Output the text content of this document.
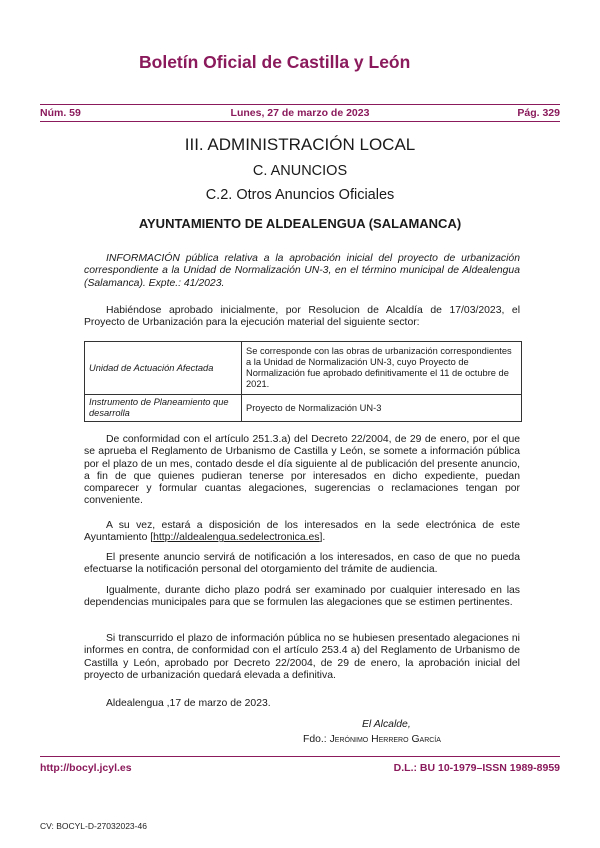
Boletín Oficial de Castilla y León
Núm. 59	Lunes, 27 de marzo de 2023	Pág. 329
III. ADMINISTRACIÓN LOCAL
C. ANUNCIOS
C.2. Otros Anuncios Oficiales
AYUNTAMIENTO DE ALDEALENGUA (SALAMANCA)

INFORMACIÓN pública relativa a la aprobación inicial del proyecto de urbanización correspondiente a la Unidad de Normalización UN-3, en el término municipal de Aldealengua (Salamanca). Expte.: 41/2023.

Habiéndose aprobado inicialmente, por Resolucion de Alcaldía de 17/03/2023, el Proyecto de Urbanización para la ejecución material del siguiente sector:

Unidad de Actuación Afectada	Se corresponde con las obras de urbanización correspondientes a la Unidad de Normalización UN-3, cuyo Proyecto de Normalización fue aprobado definitivamente el 11 de octubre de 2021.
Instrumento de Planeamiento que desarrolla	Proyecto de Normalización UN-3

De conformidad con el artículo 251.3.a) del Decreto 22/2004, de 29 de enero, por el que se aprueba el Reglamento de Urbanismo de Castilla y León, se somete a información pública por el plazo de un mes, contado desde el día siguiente al de publicación del presente anuncio, a fin de que quienes pudieran tenerse por interesados en dicho expediente, puedan comparecer y formular cuantas alegaciones, sugerencias o reclamaciones tengan por conveniente.

A su vez, estará a disposición de los interesados en la sede electrónica de este Ayuntamiento [http://aldealengua.sedelectronica.es].

El presente anuncio servirá de notificación a los interesados, en caso de que no pueda efectuarse la notificación personal del otorgamiento del trámite de audiencia.

Igualmente, durante dicho plazo podrá ser examinado por cualquier interesado en las dependencias municipales para que se formulen las alegaciones que se estimen pertinentes.

Si transcurrido el plazo de información pública no se hubiesen presentado alegaciones ni informes en contra, de conformidad con el artículo 253.4 a) del Reglamento de Urbanismo de Castilla y León, aprobado por Decreto 22/2004, de 29 de enero, la aprobación inicial del proyecto de urbanización quedará elevada a definitiva.

Aldealengua ,17 de marzo de 2023.

El Alcalde,

Fdo.: Jerónimo Herrero García

http://bocyl.jcyl.es	D.L.: BU 10-1979–ISSN 1989-8959
CV: BOCYL-D-27032023-46
